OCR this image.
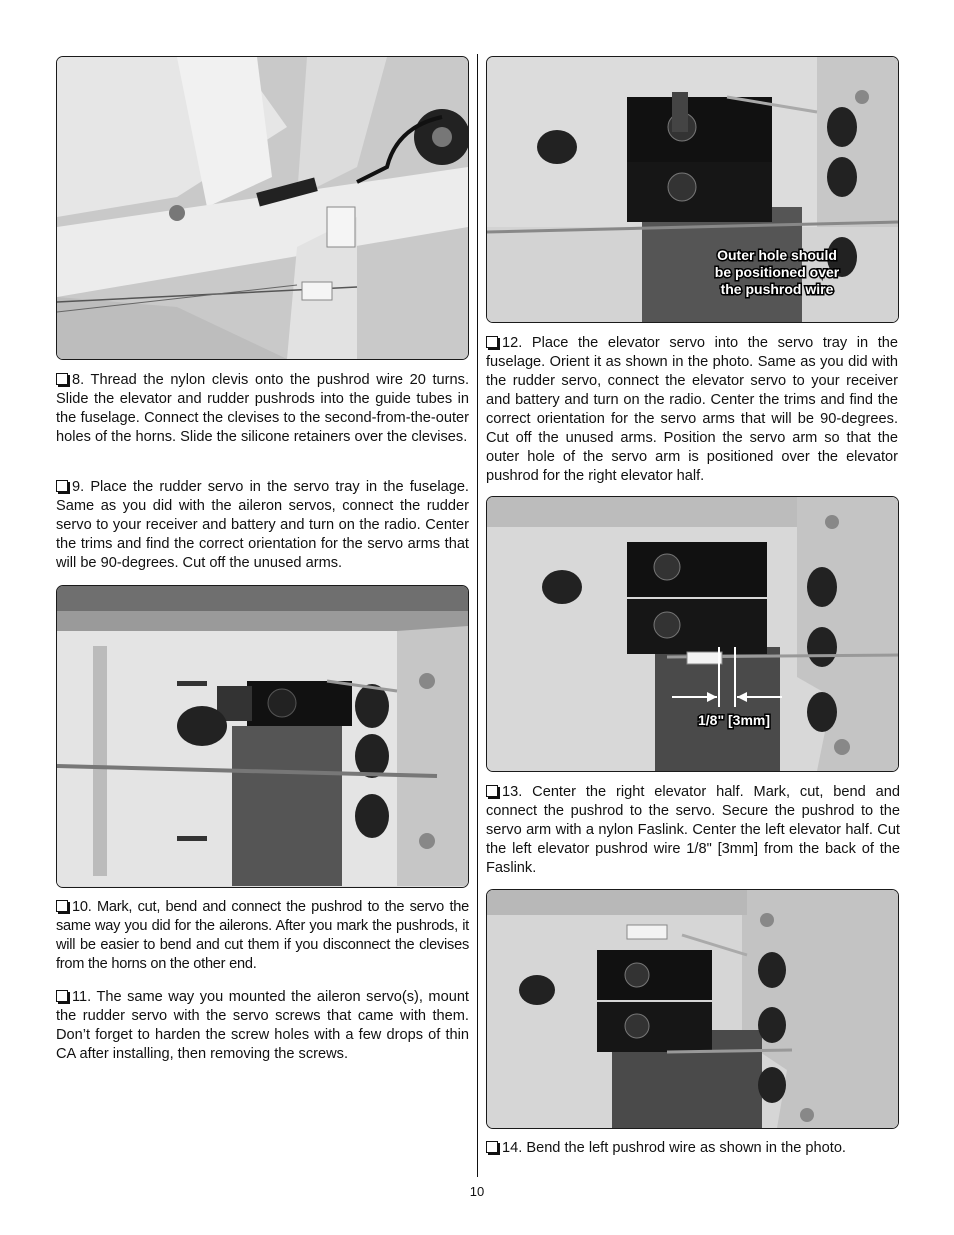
8. Thread the nylon clevis onto the pushrod wire 20 turns. Slide the elevator and rudder pushrods into the guide tubes in the fuselage. Connect the clevises to the second-from-the-outer holes of the horns. Slide the silicone retainers over the clevises.

9. Place the rudder servo in the servo tray in the fuselage. Same as you did with the aileron servos, connect the rudder servo to your receiver and battery and turn on the radio. Center the trims and find the correct orientation for the servo arms that will be 90-degrees. Cut off the unused arms.

10. Mark, cut, bend and connect the pushrod to the servo the same way you did for the ailerons. After you mark the pushrods, it will be easier to bend and cut them if you disconnect the clevises from the horns on the other end.

11. The same way you mounted the aileron servo(s), mount the rudder servo with the servo screws that came with them. Don’t forget to harden the screw holes with a few drops of thin CA after installing, then removing the screws.

Outer hole should
be positioned over
the pushrod wire

12. Place the elevator servo into the servo tray in the fuselage. Orient it as shown in the photo. Same as you did with the rudder servo, connect the elevator servo to your receiver and battery and turn on the radio. Center the trims and find the correct orientation for the servo arms that will be 90-degrees. Cut off the unused arms. Position the servo arm so that the outer hole of the servo arm is positioned over the elevator pushrod for the right elevator half.

1/8" [3mm]

13. Center the right elevator half. Mark, cut, bend and connect the pushrod to the servo. Secure the pushrod to the servo arm with a nylon Faslink. Center the left elevator half. Cut the left elevator pushrod wire 1/8" [3mm] from the back of the Faslink.

14. Bend the left pushrod wire as shown in the photo.

10
